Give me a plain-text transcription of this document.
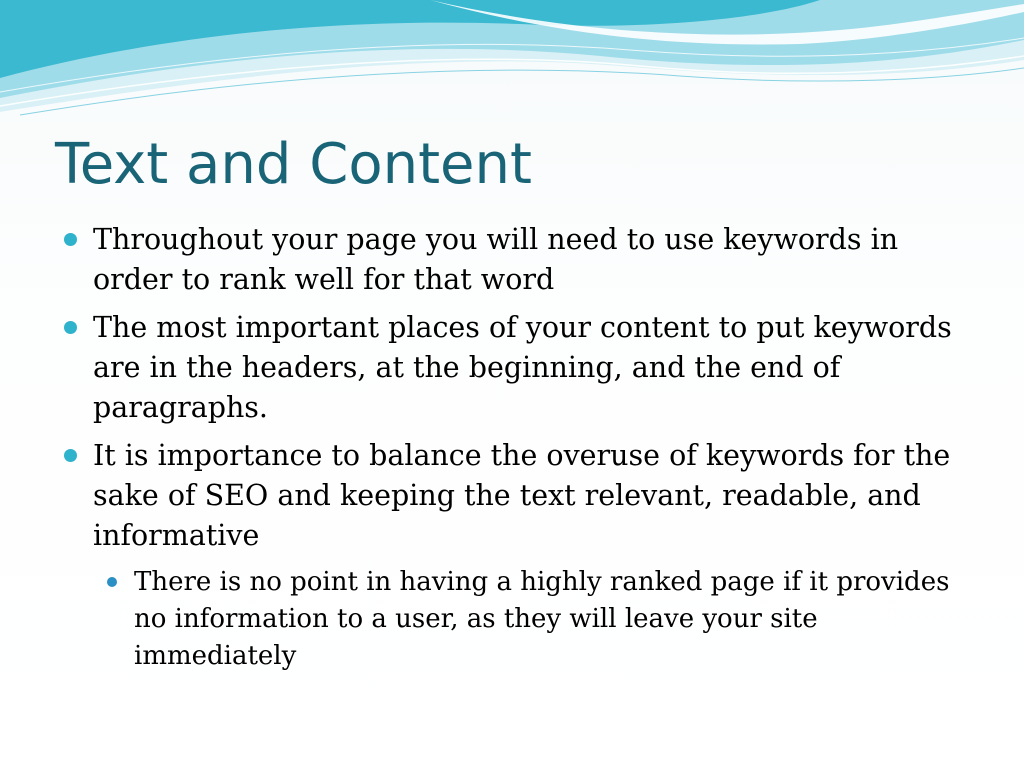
Text and Content
Throughout your page you will need to use keywords in order to rank well for that word
The most important places of your content to put keywords are in the headers, at the beginning, and the end of paragraphs.
It is importance to balance the overuse of keywords for the sake of SEO and keeping the text relevant, readable, and informative
There is no point in having a highly ranked page if it provides no information to a user, as they will leave your site immediately
